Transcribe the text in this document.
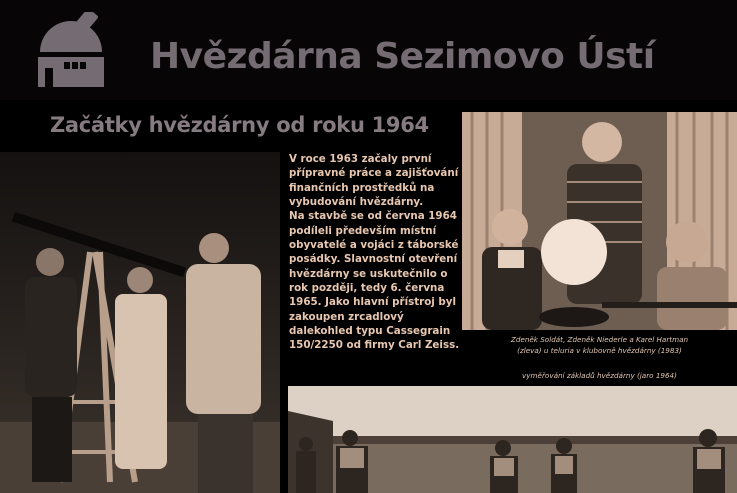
Hvězdárna Sezimovo Ústí
Začátky hvězdárny od roku 1964

V roce 1963 začaly první přípravné práce a zajišťování finančních prostředků na vybudování hvězdárny.

Na stavbě se od června 1964 podíleli především místní obyvatelé a vojáci z táborské posádky. Slavnostní otevření hvězdárny se uskutečnilo o rok později, tedy 6. června 1965. Jako hlavní přístroj byl zakoupen zrcadlový dalekohled typu Cassegrain 150/2250 od firmy Carl Zeiss.	Zdeněk Soldát, Zdeněk Niederle a Karel Hartman
(zleva) u teluria v klubovně hvězdárny (1983)
vyměřování základů hvězdárny (jaro 1964)
